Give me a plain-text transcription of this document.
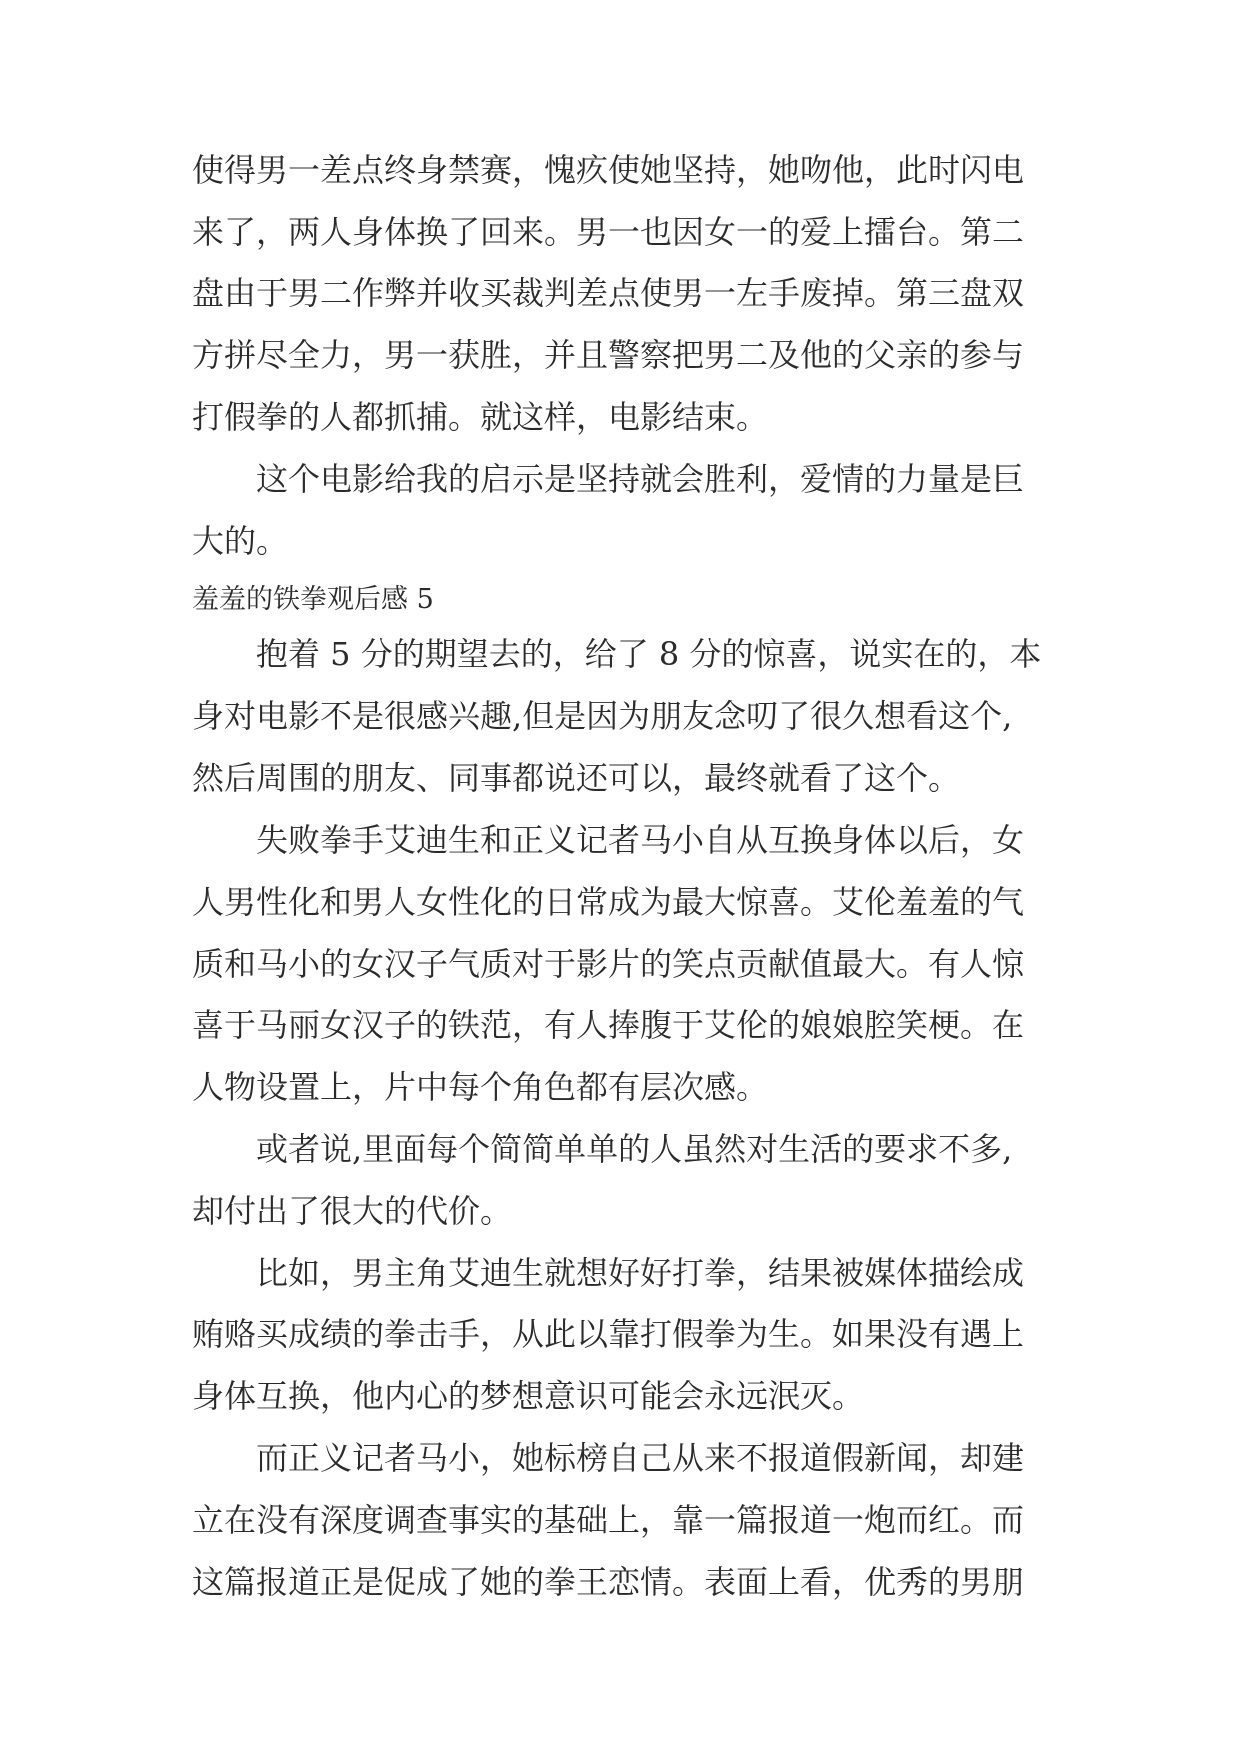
使得男一差点终身禁赛，愧疚使她坚持，她吻他，此时闪电
来了，两人身体换了回来。男一也因女一的爱上擂台。第二
盘由于男二作弊并收买裁判差点使男一左手废掉。第三盘双
方拼尽全力，男一获胜，并且警察把男二及他的父亲的参与
打假拳的人都抓捕。就这样，电影结束。
这个电影给我的启示是坚持就会胜利，爱情的力量是巨
大的。
羞羞的铁拳观后感 5
抱着 5 分的期望去的，给了 8 分的惊喜，说实在的，本
身对电影不是很感兴趣,但是因为朋友念叨了很久想看这个,
然后周围的朋友、同事都说还可以，最终就看了这个。
失败拳手艾迪生和正义记者马小自从互换身体以后，女
人男性化和男人女性化的日常成为最大惊喜。艾伦羞羞的气
质和马小的女汉子气质对于影片的笑点贡献值最大。有人惊
喜于马丽女汉子的铁范，有人捧腹于艾伦的娘娘腔笑梗。在
人物设置上，片中每个角色都有层次感。
或者说,里面每个简简单单的人虽然对生活的要求不多,
却付出了很大的代价。
比如，男主角艾迪生就想好好打拳，结果被媒体描绘成
贿赂买成绩的拳击手，从此以靠打假拳为生。如果没有遇上
身体互换，他内心的梦想意识可能会永远泯灭。
而正义记者马小，她标榜自己从来不报道假新闻，却建
立在没有深度调查事实的基础上，靠一篇报道一炮而红。而
这篇报道正是促成了她的拳王恋情。表面上看，优秀的男朋
